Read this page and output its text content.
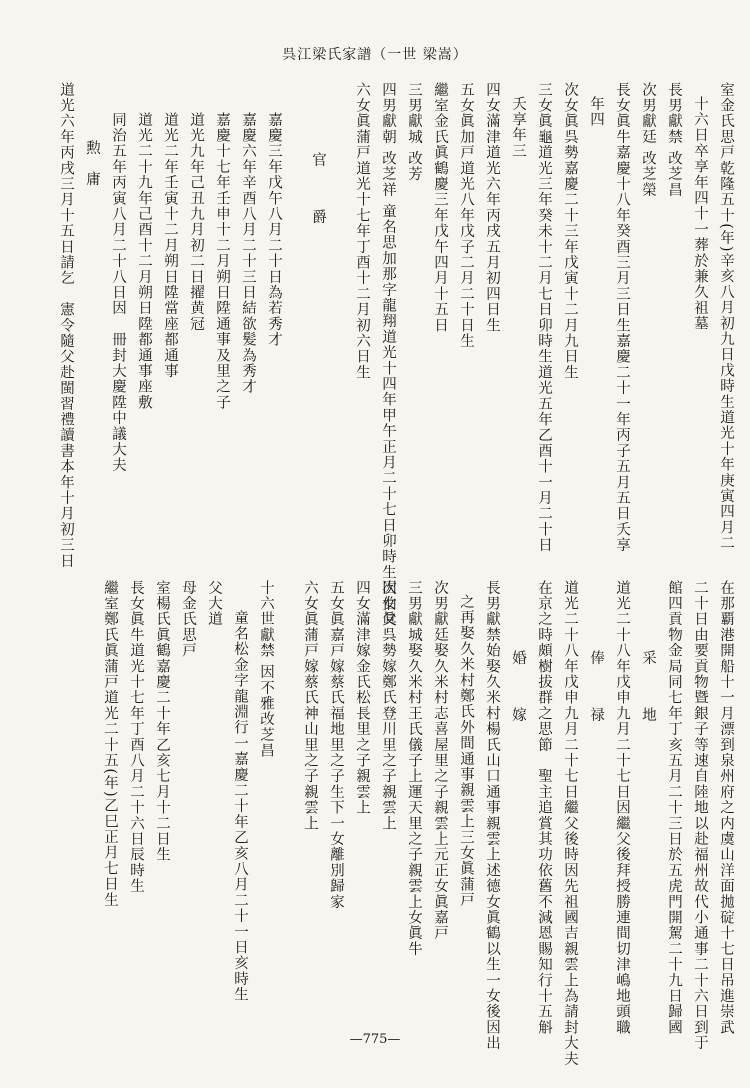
呉江梁氏家譜（一世 梁嵩）
室金氏思戸乾隆五十(年)辛亥八月初九日戊時生道光十年庚寅四月二
十六日卒享年四十一葬於兼久祖墓
長男獻禁 改芝昌
次男獻廷 改芝榮
長女眞牛嘉慶十八年癸酉三月三日生嘉慶二十一年丙子五月五日夭享
年四
次女眞呉勢嘉慶二十三年戊寅十二月九日生
三女眞龜道光三年癸未十二月七日卯時生道光五年乙酉十一月二十日
夭享年三
四女滿津道光六年丙戌五月初四日生
五女眞加戸道光八年戊子二月二十日生
繼室金氏眞鶴慶三年戊午四月十五日
三男獻城 改芳
四男獻朝 改芝祥 童名思加那字龍翔道光十四年甲午正月二十七日卯時生因伯父
六女眞蒲戸道光十七年丁酉十二月初六日生
官　爵
嘉慶三年戊午八月二十日為若秀才
嘉慶六年辛酉八月二十三日結欲髪為秀才
嘉慶十七年壬申十二月朔日陞通事及里之子
道光九年己丑九月初二日擢黄冠
道光二年壬寅十二月朔日陞當座都通事
道光二十九年己酉十二月朔日陞都通事座敷
同治五年丙寅八月二十八日因　冊封大慶陞中議大夫
勲　庸
道光六年丙戌三月十五日請乞　憲令隨父赴閩習禮讀書本年十月初三日
在那覇港開船十一月漂到泉州府之内虞山洋面拋碇十七日吊進崇武
二十日由要貢物暨銀子等速自陸地以赴福州故代小通事二十六日到于
館四貢物金局同七年丁亥五月二十三日於五虎門開駕二十九日歸國
采　地
道光二十八年戊申九月二十七日因繼父後拜授勝連間切津嶋地頭職
俸　禄
道光二十八年戊申九月二十七日繼父後時因先祖國吉親雲上為請封大夫
在京之時頗樹拔群之思節　聖主追賞其功依舊不減恩賜知行十五斛
婚　嫁
長男獻禁始娶久米村楊氏山口通事親雲上述德女眞鶴以生一女後因出
之再娶久米村鄭氏外間通事親雲上三女眞蒲戸
次男獻廷娶久米村志喜屋里之子親雲上元正女眞嘉戸
三男獻城娶久米村王氏儀子上運天里之子親雲上女眞牛
次女眞呉勢嫁鄭氏登川里之子親雲上
四女滿津嫁金氏松長里之子親雲上
五女眞嘉戸嫁蔡氏福地里之子生下一女離別歸家
六女眞蒲戸嫁蔡氏神山里之子親雲上
十六世獻禁 因不雅改芝昌
童名松金字龍淵行一嘉慶二十年乙亥八月二十一日亥時生
父大道
母金氏思戸
室楊氏眞鶴嘉慶二十年乙亥七月十二日生
長女眞牛道光十七年丁酉八月二十六日辰時生
繼室鄭氏眞蒲戸道光二十五(年)乙巳正月七日生
—775—
